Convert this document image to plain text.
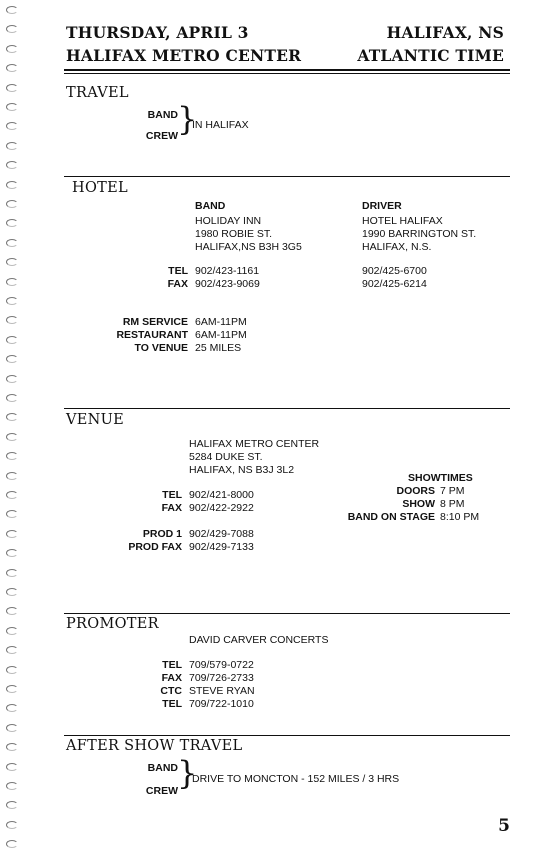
THURSDAY, APRIL 3	HALIFAX, NS
HALIFAX METRO CENTER	ATLANTIC TIME
TRAVEL
BAND
CREW }
IN HALIFAX
HOTEL
BAND
HOLIDAY INN
1980 ROBIE ST.
HALIFAX,NS B3H 3G5
DRIVER
HOTEL HALIFAX
1990 BARRINGTON ST.
HALIFAX, N.S.
TEL
FAX
902/423-1161
902/423-9069
902/425-6700
902/425-6214
RM SERVICE
RESTAURANT
TO VENUE
6AM-11PM
6AM-11PM
25 MILES
VENUE
HALIFAX METRO CENTER
5284 DUKE ST.
HALIFAX, NS B3J 3L2
TEL
FAX
902/421-8000
902/422-2922
PROD 1
PROD FAX
902/429-7088
902/429-7133
SHOWTIMES
DOORS
SHOW
BAND ON STAGE
7 PM
8 PM
8:10 PM
PROMOTER
DAVID CARVER CONCERTS
TEL
FAX
CTC
TEL
709/579-0722
709/726-2733
STEVE RYAN
709/722-1010
AFTER SHOW TRAVEL
BAND
CREW }
DRIVE TO MONCTON - 152 MILES / 3 HRS
5
